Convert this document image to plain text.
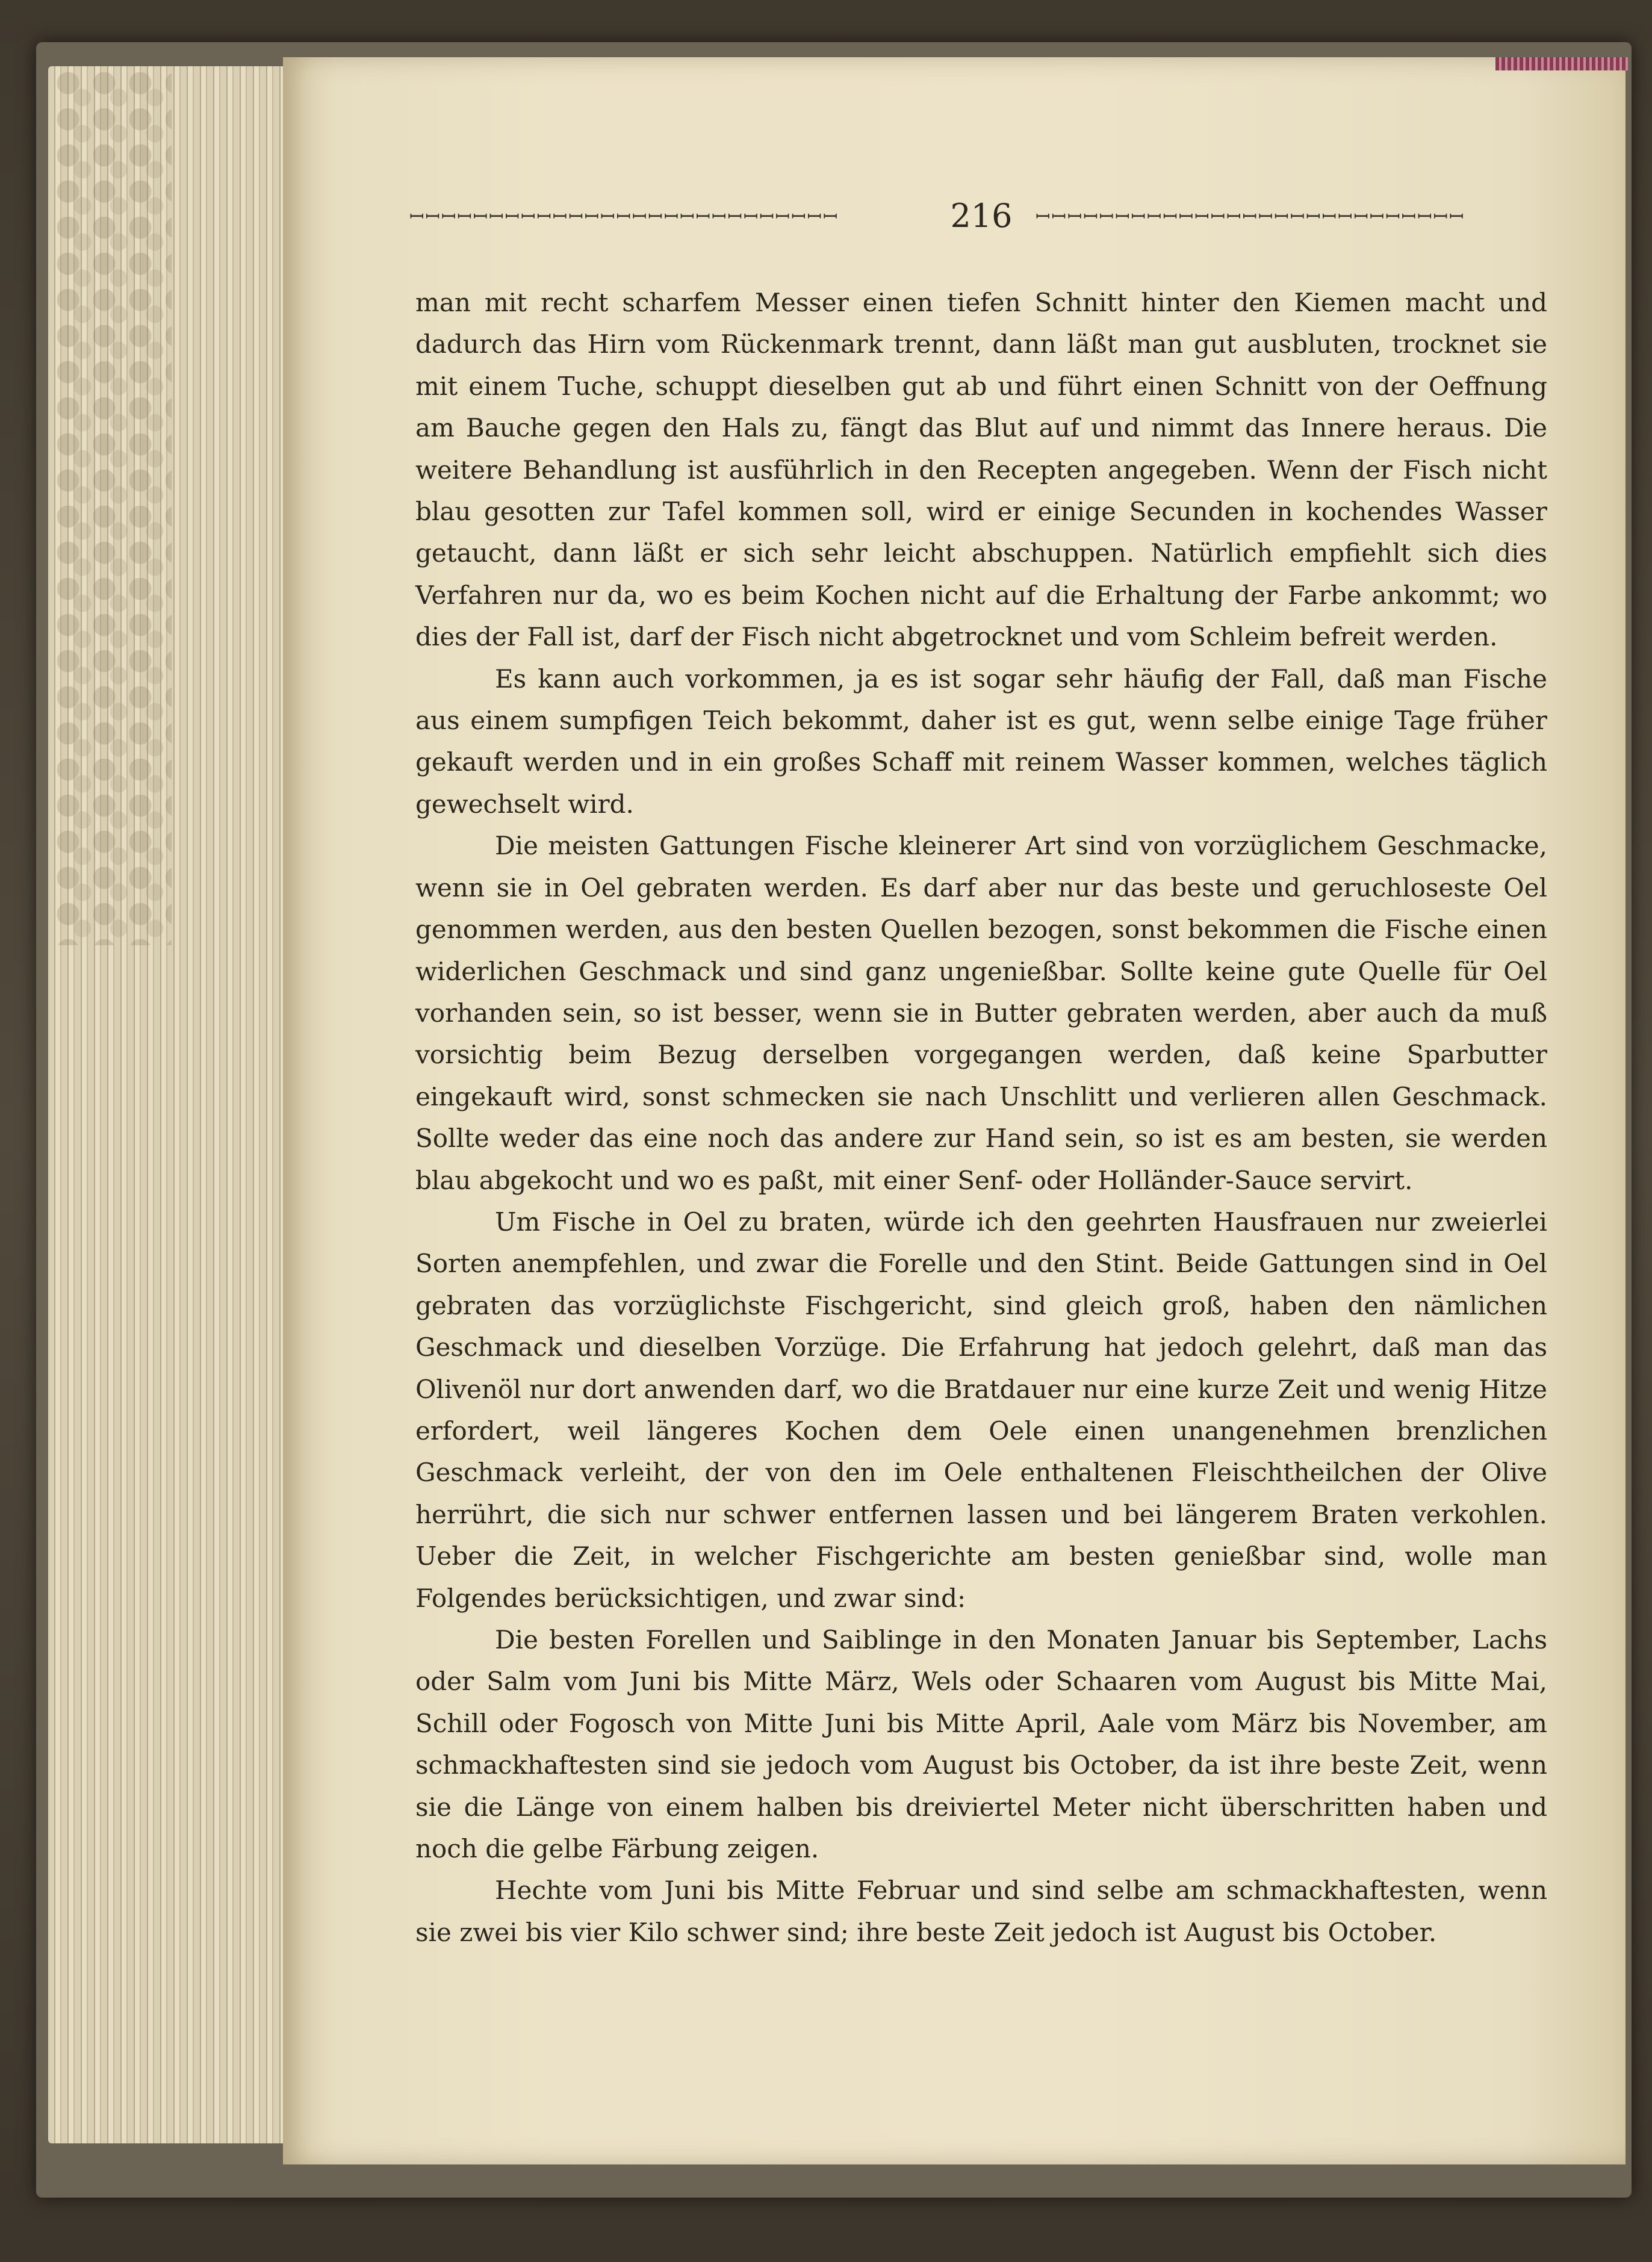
ꟷꟷꟷꟷꟷꟷꟷꟷꟷꟷꟷꟷꟷꟷꟷꟷꟷꟷꟷꟷꟷꟷꟷꟷꟷꟷꟷ	216	ꟷꟷꟷꟷꟷꟷꟷꟷꟷꟷꟷꟷꟷꟷꟷꟷꟷꟷꟷꟷꟷꟷꟷꟷꟷꟷꟷ

man mit recht scharfem Messer einen tiefen Schnitt hinter den Kiemen macht und dadurch das Hirn vom Rückenmark trennt, dann läßt man gut ausbluten, trocknet sie mit einem Tuche, schuppt dieselben gut ab und führt einen Schnitt von der Oeffnung am Bauche gegen den Hals zu, fängt das Blut auf und nimmt das Innere heraus. Die weitere Behandlung ist ausführlich in den Recepten angegeben. Wenn der Fisch nicht blau gesotten zur Tafel kommen soll, wird er einige Secunden in kochendes Wasser getaucht, dann läßt er sich sehr leicht abschuppen. Natürlich empfiehlt sich dies Verfahren nur da, wo es beim Kochen nicht auf die Erhaltung der Farbe ankommt; wo dies der Fall ist, darf der Fisch nicht abgetrocknet und vom Schleim befreit werden.

Es kann auch vorkommen, ja es ist sogar sehr häufig der Fall, daß man Fische aus einem sumpfigen Teich bekommt, daher ist es gut, wenn selbe einige Tage früher gekauft werden und in ein großes Schaff mit reinem Wasser kommen, welches täglich gewechselt wird.

Die meisten Gattungen Fische kleinerer Art sind von vorzüglichem Geschmacke, wenn sie in Oel gebraten werden. Es darf aber nur das beste und geruchloseste Oel genommen werden, aus den besten Quellen bezogen, sonst bekommen die Fische einen widerlichen Geschmack und sind ganz ungenießbar. Sollte keine gute Quelle für Oel vorhanden sein, so ist besser, wenn sie in Butter gebraten werden, aber auch da muß vorsichtig beim Bezug derselben vorgegangen werden, daß keine Sparbutter eingekauft wird, sonst schmecken sie nach Unschlitt und verlieren allen Geschmack. Sollte weder das eine noch das andere zur Hand sein, so ist es am besten, sie werden blau abgekocht und wo es paßt, mit einer Senf- oder Holländer-Sauce servirt.

Um Fische in Oel zu braten, würde ich den geehrten Hausfrauen nur zweierlei Sorten anempfehlen, und zwar die Forelle und den Stint. Beide Gattungen sind in Oel gebraten das vorzüglichste Fischgericht, sind gleich groß, haben den nämlichen Geschmack und dieselben Vorzüge. Die Erfahrung hat jedoch gelehrt, daß man das Olivenöl nur dort anwenden darf, wo die Bratdauer nur eine kurze Zeit und wenig Hitze erfordert, weil längeres Kochen dem Oele einen unangenehmen brenzlichen Geschmack verleiht, der von den im Oele enthaltenen Fleischtheilchen der Olive herrührt, die sich nur schwer entfernen lassen und bei längerem Braten verkohlen. Ueber die Zeit, in welcher Fischgerichte am besten genießbar sind, wolle man Folgendes berücksichtigen, und zwar sind:

Die besten Forellen und Saiblinge in den Monaten Januar bis September, Lachs oder Salm vom Juni bis Mitte März, Wels oder Schaaren vom August bis Mitte Mai, Schill oder Fogosch von Mitte Juni bis Mitte April, Aale vom März bis November, am schmackhaftesten sind sie jedoch vom August bis October, da ist ihre beste Zeit, wenn sie die Länge von einem halben bis dreiviertel Meter nicht überschritten haben und noch die gelbe Färbung zeigen.

Hechte vom Juni bis Mitte Februar und sind selbe am schmackhaftesten, wenn sie zwei bis vier Kilo schwer sind; ihre beste Zeit jedoch ist August bis October.
